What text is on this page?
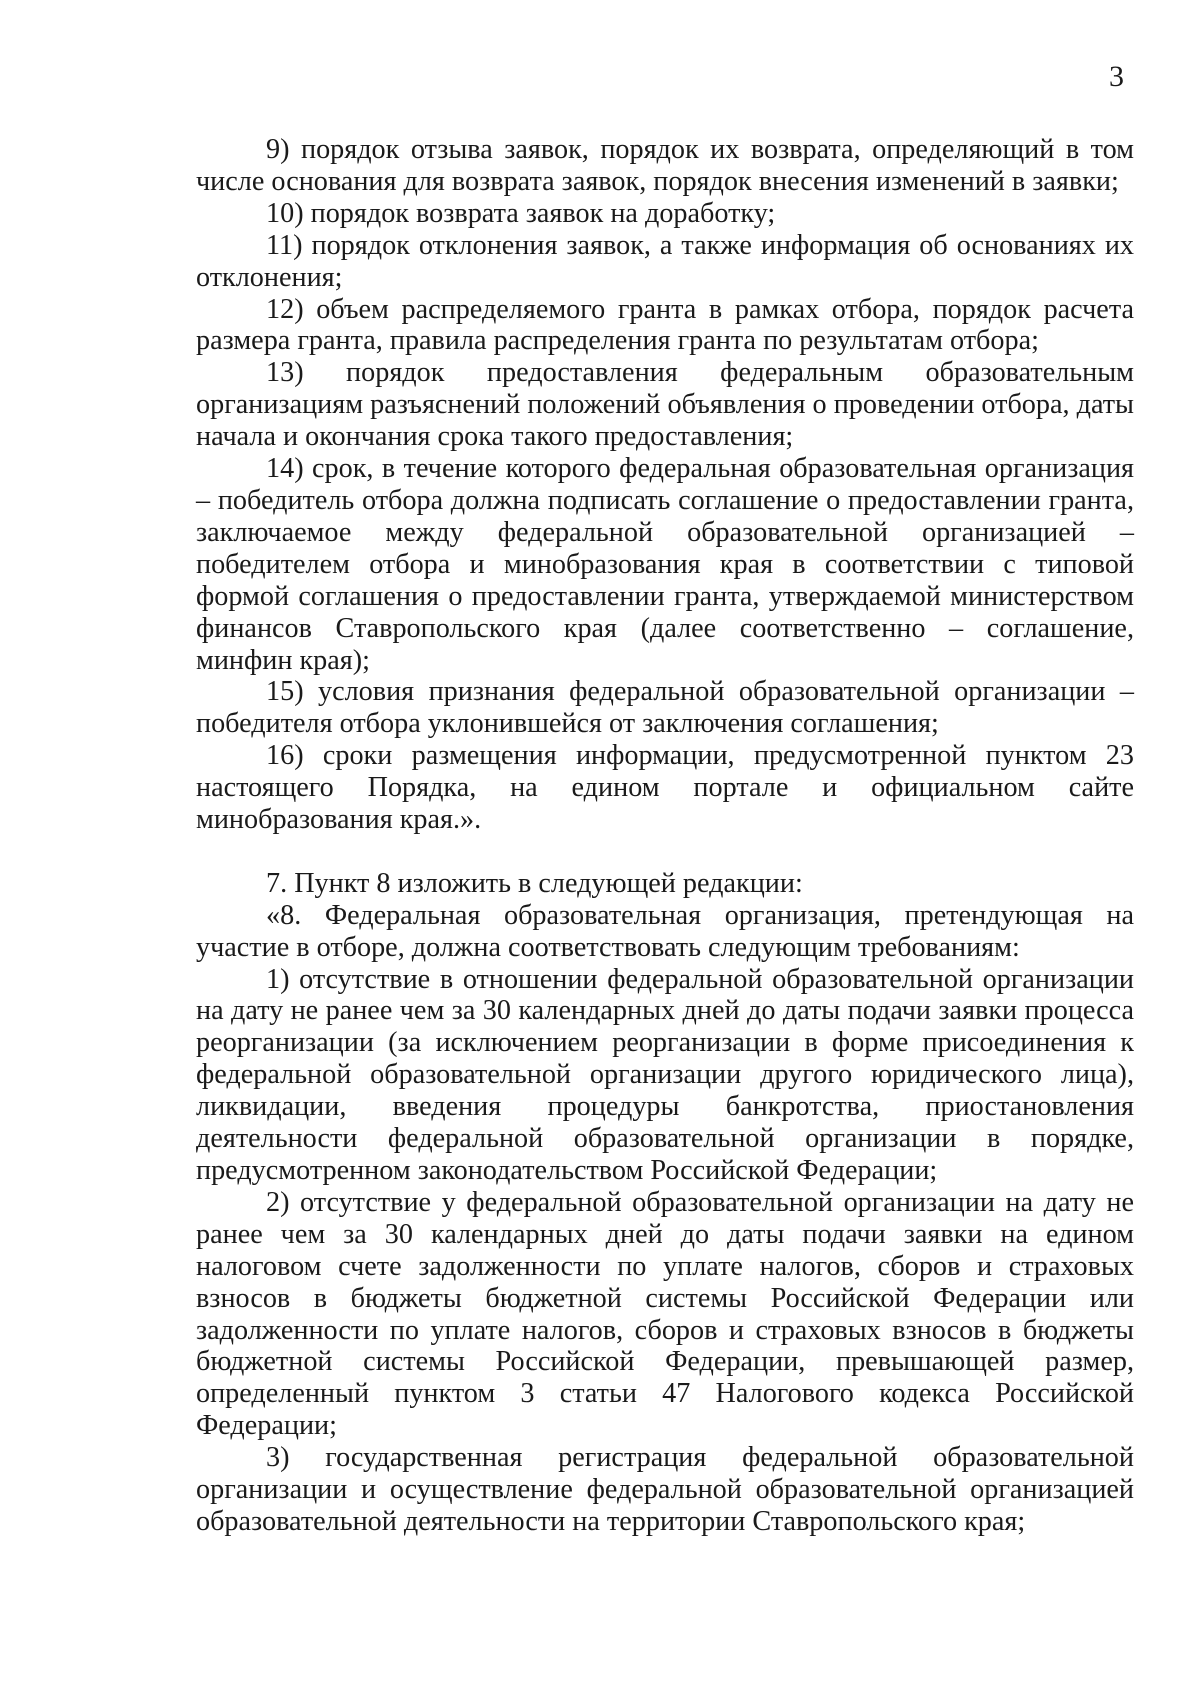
3

9) порядок отзыва заявок, порядок их возврата, определяющий в том числе основания для возврата заявок, порядок внесения изменений в заявки;

10) порядок возврата заявок на доработку;

11) порядок отклонения заявок, а также информация об основаниях их отклонения;

12) объем распределяемого гранта в рамках отбора, порядок расчета размера гранта, правила распределения гранта по результатам отбора;

13) порядок предоставления федеральным образовательным организациям разъяснений положений объявления о проведении отбора, даты начала и окончания срока такого предоставления;

14) срок, в течение которого федеральная образовательная организация – победитель отбора должна подписать соглашение о предоставлении гранта, заключаемое между федеральной образовательной организацией – победителем отбора и минобразования края в соответствии с типовой формой соглашения о предоставлении гранта, утверждаемой министерством финансов Ставропольского края (далее соответственно – соглашение, минфин края);

15) условия признания федеральной образовательной организации – победителя отбора уклонившейся от заключения соглашения;

16) сроки размещения информации, предусмотренной пунктом 23 настоящего Порядка, на едином портале и официальном сайте минобразования края.».

7. Пункт 8 изложить в следующей редакции:

«8. Федеральная образовательная организация, претендующая на участие в отборе, должна соответствовать следующим требованиям:

1) отсутствие в отношении федеральной образовательной организации на дату не ранее чем за 30 календарных дней до даты подачи заявки процесса реорганизации (за исключением реорганизации в форме присоединения к федеральной образовательной организации другого юридического лица), ликвидации, введения процедуры банкротства, приостановления деятельности федеральной образовательной организации в порядке, предусмотренном законодательством Российской Федерации;

2) отсутствие у федеральной образовательной организации на дату не ранее чем за 30 календарных дней до даты подачи заявки на едином налоговом счете задолженности по уплате налогов, сборов и страховых взносов в бюджеты бюджетной системы Российской Федерации или задолженности по уплате налогов, сборов и страховых взносов в бюджеты бюджетной системы Российской Федерации, превышающей размер, определенный пунктом 3 статьи 47 Налогового кодекса Российской Федерации;

3) государственная регистрация федеральной образовательной организации и осуществление федеральной образовательной организацией образовательной деятельности на территории Ставропольского края;
